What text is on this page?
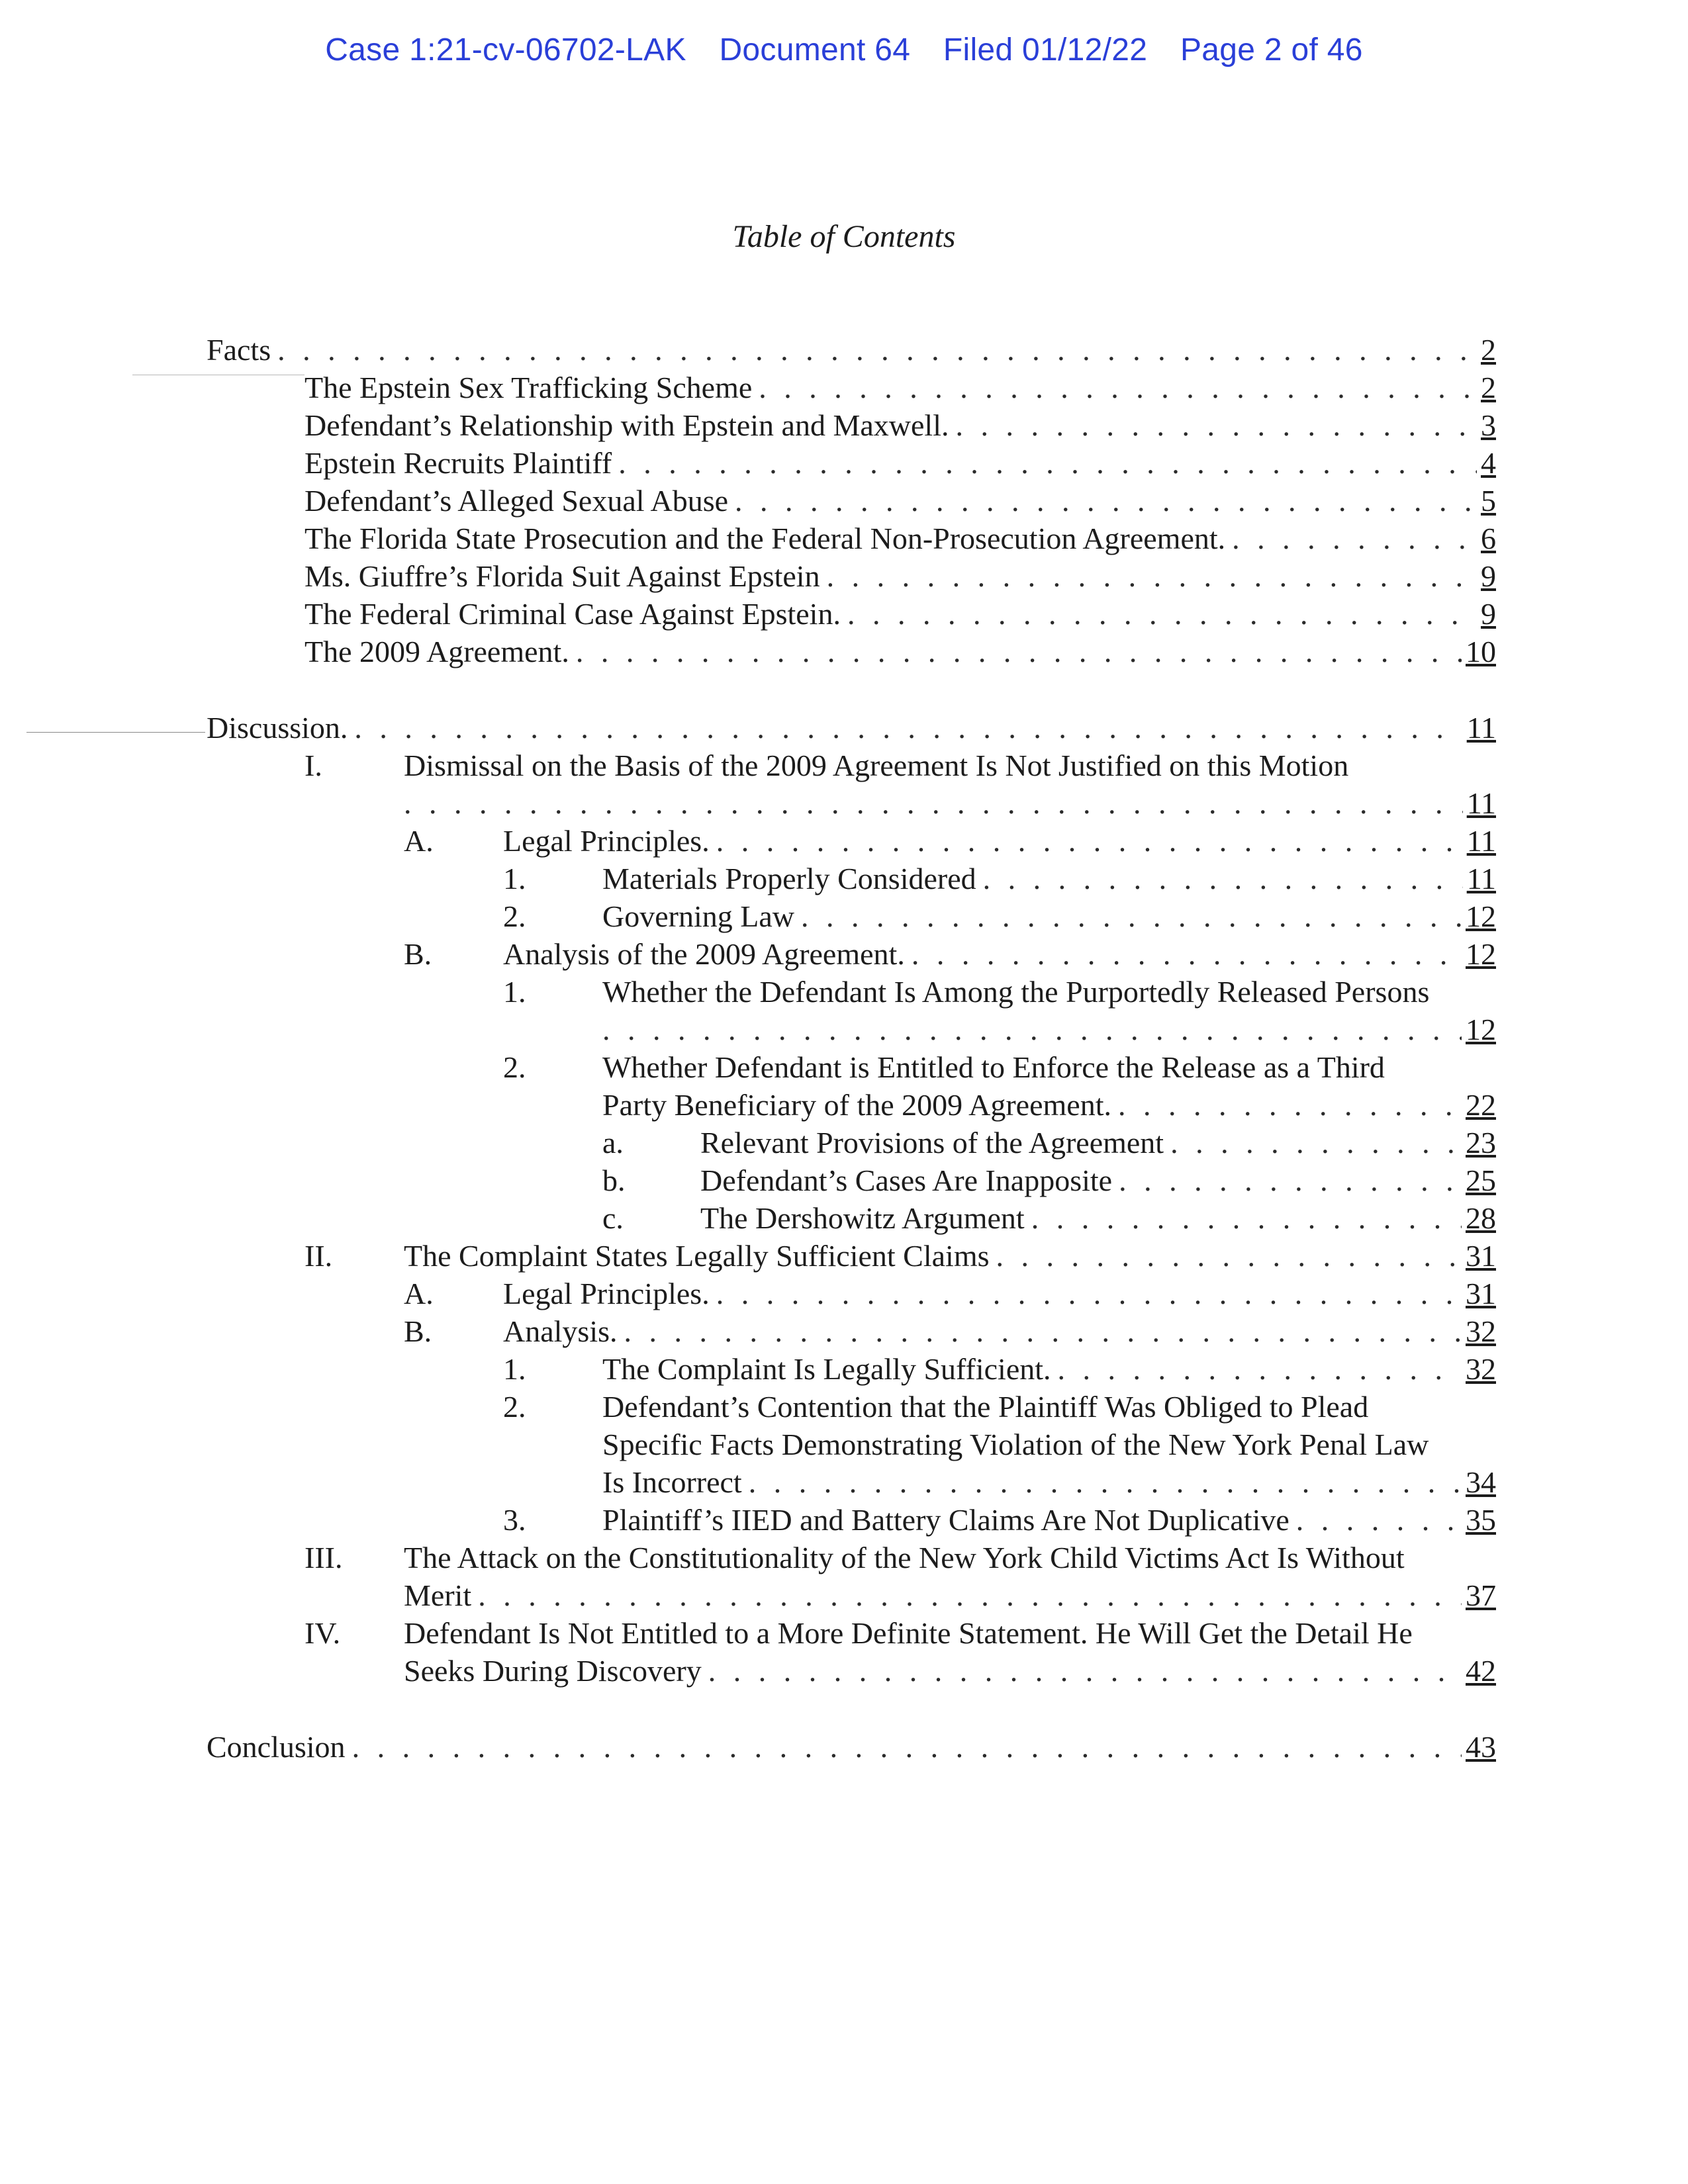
Case 1:21-cv-06702-LAK Document 64 Filed 01/12/22 Page 2 of 46
Table of Contents
Facts . . .	2
The Epstein Sex Trafficking Scheme . . .	2
Defendant’s Relationship with Epstein and Maxwell. . . .	3
Epstein Recruits Plaintiff . . .	4
Defendant’s Alleged Sexual Abuse . . .	5
The Florida State Prosecution and the Federal Non-Prosecution Agreement. . . .	6
Ms. Giuffre’s Florida Suit Against Epstein . . .	9
The Federal Criminal Case Against Epstein. . . .	9
The 2009 Agreement. . . .	10
Discussion. . . .	11
I.	Dismissal on the Basis of the 2009 Agreement Is Not Justified on this Motion
. . .
11
A. Legal Principles. . . .	11
1.	Materials Properly Considered . . .	11
2.	Governing Law . . .	12
B. Analysis of the 2009 Agreement. . . .	12
1.	Whether the Defendant Is Among the Purportedly Released Persons
. . .
12
2.	Whether Defendant is Entitled to Enforce the Release as a Third
Party Beneficiary of the 2009 Agreement. . . .	22
a.	Relevant Provisions of the Agreement . . .	23
b. Defendant’s Cases Are Inapposite . . .	25
c.	The Dershowitz Argument . . .	28
II. The Complaint States Legally Sufficient Claims . . .	31
A. Legal Principles. . . .	31
B. Analysis. . . .	32
1.	The Complaint Is Legally Sufficient. . . .	32
2.	Defendant’s Contention that the Plaintiff Was Obliged to Plead
Specific Facts Demonstrating Violation of the New York Penal Law
Is Incorrect . . .	34
3.	Plaintiff’s IIED and Battery Claims Are Not Duplicative . . .	35
III. The Attack on the Constitutionality of the New York Child Victims Act Is Without
Merit . . .	37
IV. Defendant Is Not Entitled to a More Definite Statement. He Will Get the Detail He
Seeks During Discovery . . .	42
Conclusion . . .	43
